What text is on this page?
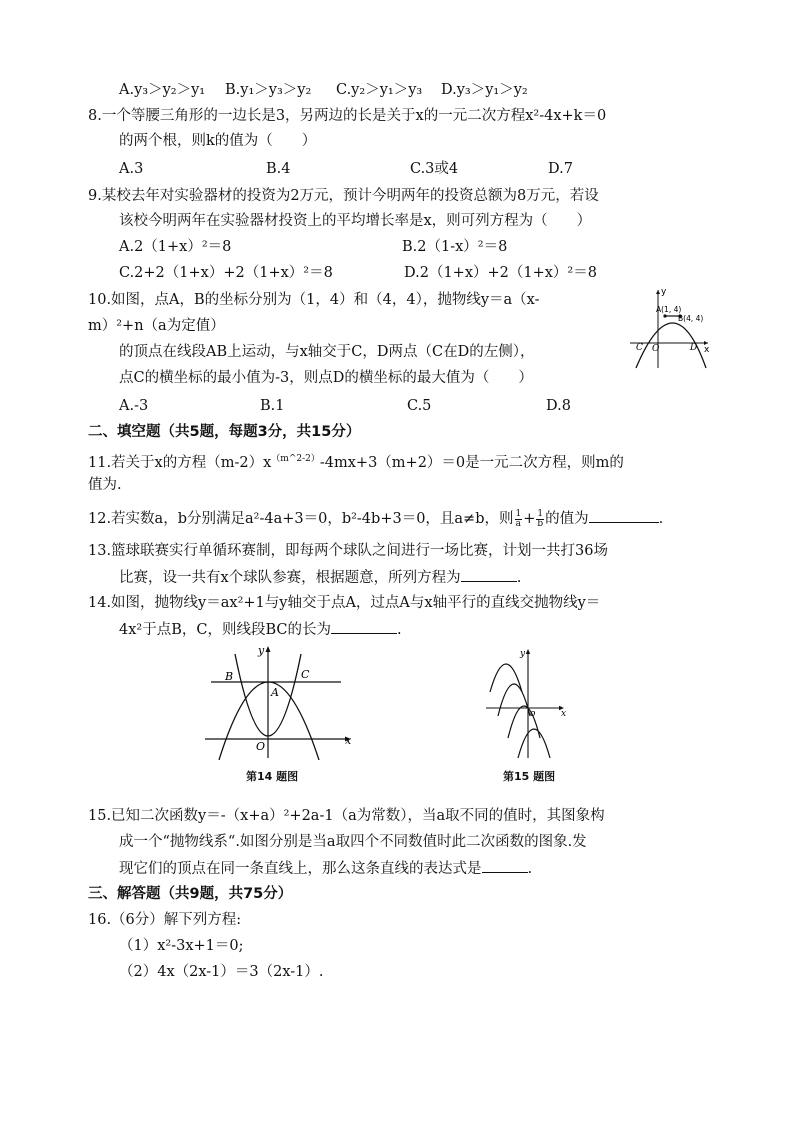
A.y₃＞y₂＞y₁ B.y₁＞y₃＞y₂ C.y₂＞y₁＞y₃ D.y₃＞y₁＞y₂
8.一个等腰三角形的一边长是3，另两边的长是关于x的一元二次方程x²-4x+k＝0
的两个根，则k的值为（　　）
A.3	B.4	C.3或4	D.7
9.某校去年对实验器材的投资为2万元，预计今明两年的投资总额为8万元，若设
该校今明两年在实验器材投资上的平均增长率是x，则可列方程为（　　）
A.2（1+x）²＝8	B.2（1-x）²＝8
C.2+2（1+x）+2（1+x）²＝8	D.2（1+x）+2（1+x）²＝8
10.如图，点A，B的坐标分别为（1，4）和（4，4），抛物线y＝a（x-
m）²+n（a为定值）
的顶点在线段AB上运动，与x轴交于C，D两点（C在D的左侧），
点C的横坐标的最小值为-3，则点D的横坐标的最大值为（　　）
A.-3	B.1	C.5	D.8
y
x
A(1, 4)
B(4, 4)
C O	D
二、填空题（共5题，每题3分，共15分）
11.若关于x的方程$(m-2)x^{(m\^{}2-2)}-4mx+3(m+2)=0$是一元二次方程，则m的
值为.
12.若实数a，b分别满足a²-4a+3＝0，b²-4b+3＝0，且a≠b，则 $\frac{1}{a} + \frac{1}{b}$ 的值为	.
13.篮球联赛实行单循环赛制，即每两个球队之间进行一场比赛，计划一共打36场
比赛，设一共有x个球队参赛，根据题意，所列方程为	.
14.如图，抛物线y＝ax²+1与y轴交于点A，过点A与x轴平行的直线交抛物线y＝
4x²于点B，C，则线段BC的长为	.
y
x
B	C
A
O
第14 题图
y
x
o
第15 题图
15.已知二次函数y＝-（x+a）²+2a-1（a为常数），当a取不同的值时，其图象构
成一个“抛物线系“.如图分别是当a取四个不同数值时此二次函数的图象.发
现它们的顶点在同一条直线上，那么这条直线的表达式是	.
三、解答题（共9题，共75分）
16.（6分）解下列方程:
（1）x²-3x+1＝0;
（2）4x（2x-1）＝3（2x-1）.
